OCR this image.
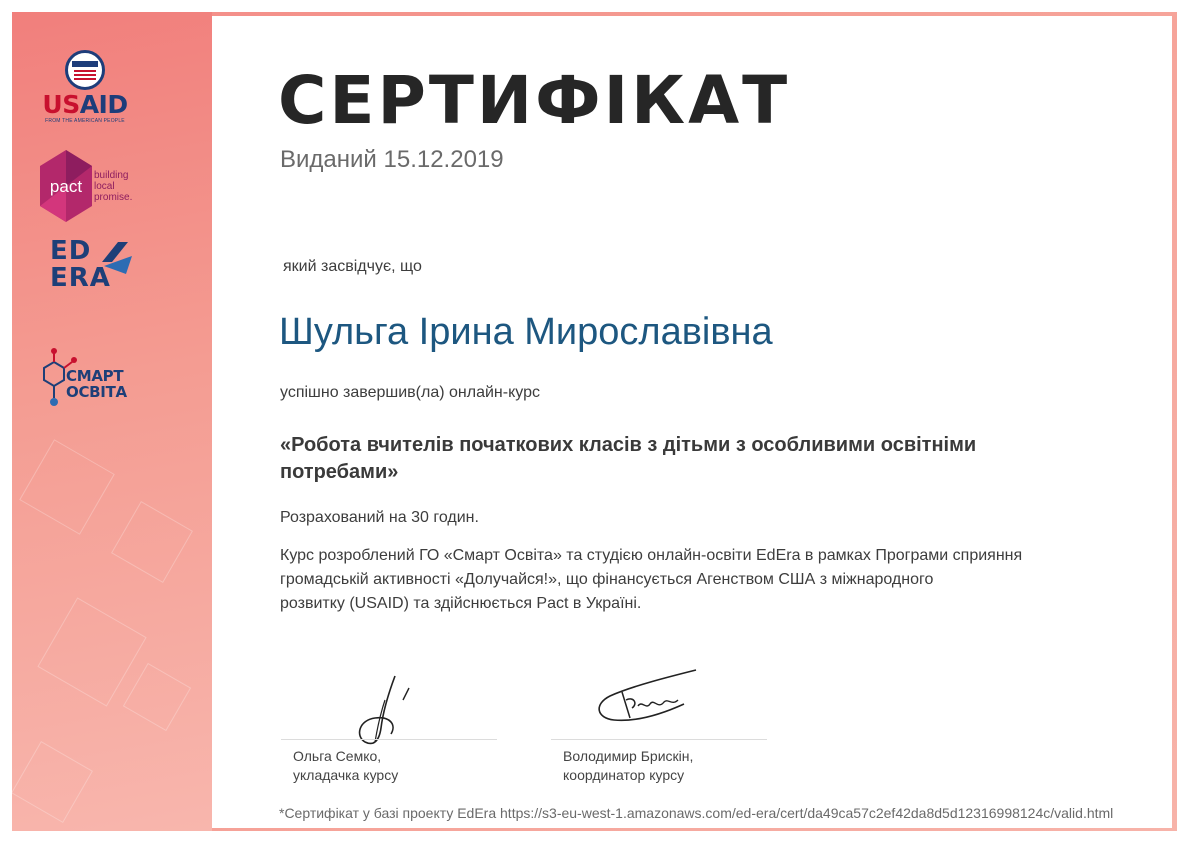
USAID
FROM THE AMERICAN PEOPLE
pact
building
local
promise.
ED
ERA
СМАРТ
ОСВІТА
СЕРТИФІКАТ
Виданий 15.12.2019
який засвідчує, що
Шульга Ірина Мирославівна
успішно завершив(ла) онлайн-курс
«Робота вчителів початкових класів з дітьми з особливими освітніми
потребами»
Розрахований на 30 годин.

Курс розроблений ГО «Смарт Освіта» та студією онлайн-освіти EdEra в рамках Програми сприяння

громадській активності «Долучайся!», що фінансується Агенством США з міжнародного

розвитку (USAID) та здійснюється Pact в Україні.

Ольга Семко,
укладачка курсу
Володимир Брискін,
координатор курсу
*Сертифікат у базі проекту EdEra https://s3-eu-west-1.amazonaws.com/ed-era/cert/da49ca57c2ef42da8d5d12316998124c/valid.html
